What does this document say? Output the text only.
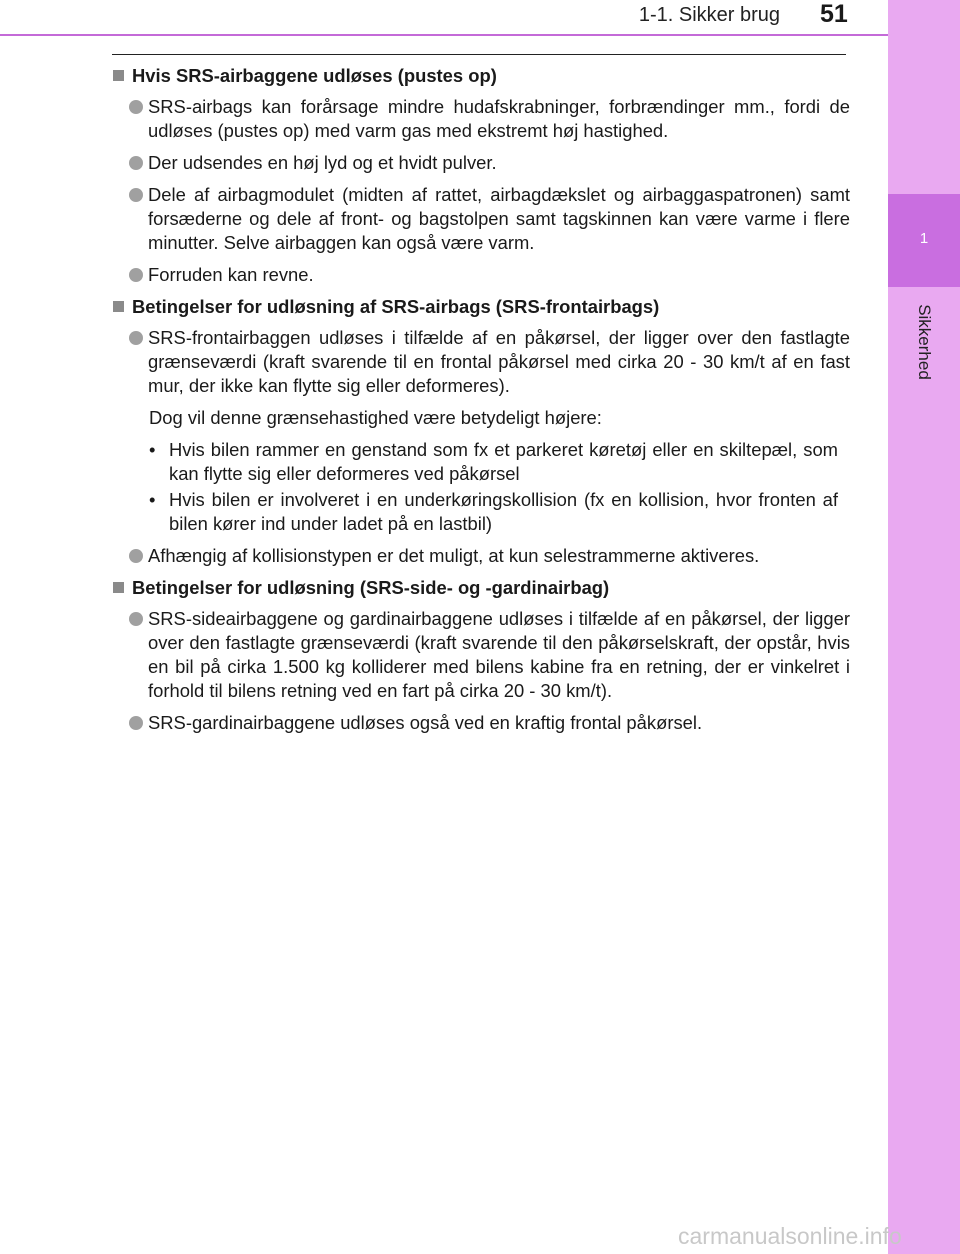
1
Sikkerhed
1-1. Sikker brug 51
Hvis SRS-airbaggene udløses (pustes op)
SRS-airbags kan forårsage mindre hudafskrabninger, forbrændinger mm., fordi de udløses (pustes op) med varm gas med ekstremt høj hastighed.
Der udsendes en høj lyd og et hvidt pulver.
Dele af airbagmodulet (midten af rattet, airbagdækslet og airbaggaspatronen) samt forsæderne og dele af front- og bagstolpen samt tagskinnen kan være varme i flere minutter. Selve airbaggen kan også være varm.
Forruden kan revne.
Betingelser for udløsning af SRS-airbags (SRS-frontairbags)
SRS-frontairbaggen udløses i tilfælde af en påkørsel, der ligger over den fastlagte grænseværdi (kraft svarende til en frontal påkørsel med cirka 20 - 30 km/t af en fast mur, der ikke kan flytte sig eller deformeres).
Dog vil denne grænsehastighed være betydeligt højere:
• Hvis bilen rammer en genstand som fx et parkeret køretøj eller en skiltepæl, som kan flytte sig eller deformeres ved påkørsel
• Hvis bilen er involveret i en underkøringskollision (fx en kollision, hvor fronten af bilen kører ind under ladet på en lastbil)
Afhængig af kollisionstypen er det muligt, at kun selestrammerne aktiveres.
Betingelser for udløsning (SRS-side- og -gardinairbag)
SRS-sideairbaggene og gardinairbaggene udløses i tilfælde af en påkørsel, der ligger over den fastlagte grænseværdi (kraft svarende til den påkørselskraft, der opstår, hvis en bil på cirka 1.500 kg kolliderer med bilens kabine fra en retning, der er vinkelret i forhold til bilens retning ved en fart på cirka 20 - 30 km/t).
SRS-gardinairbaggene udløses også ved en kraftig frontal påkørsel.
carmanualsonline.info
